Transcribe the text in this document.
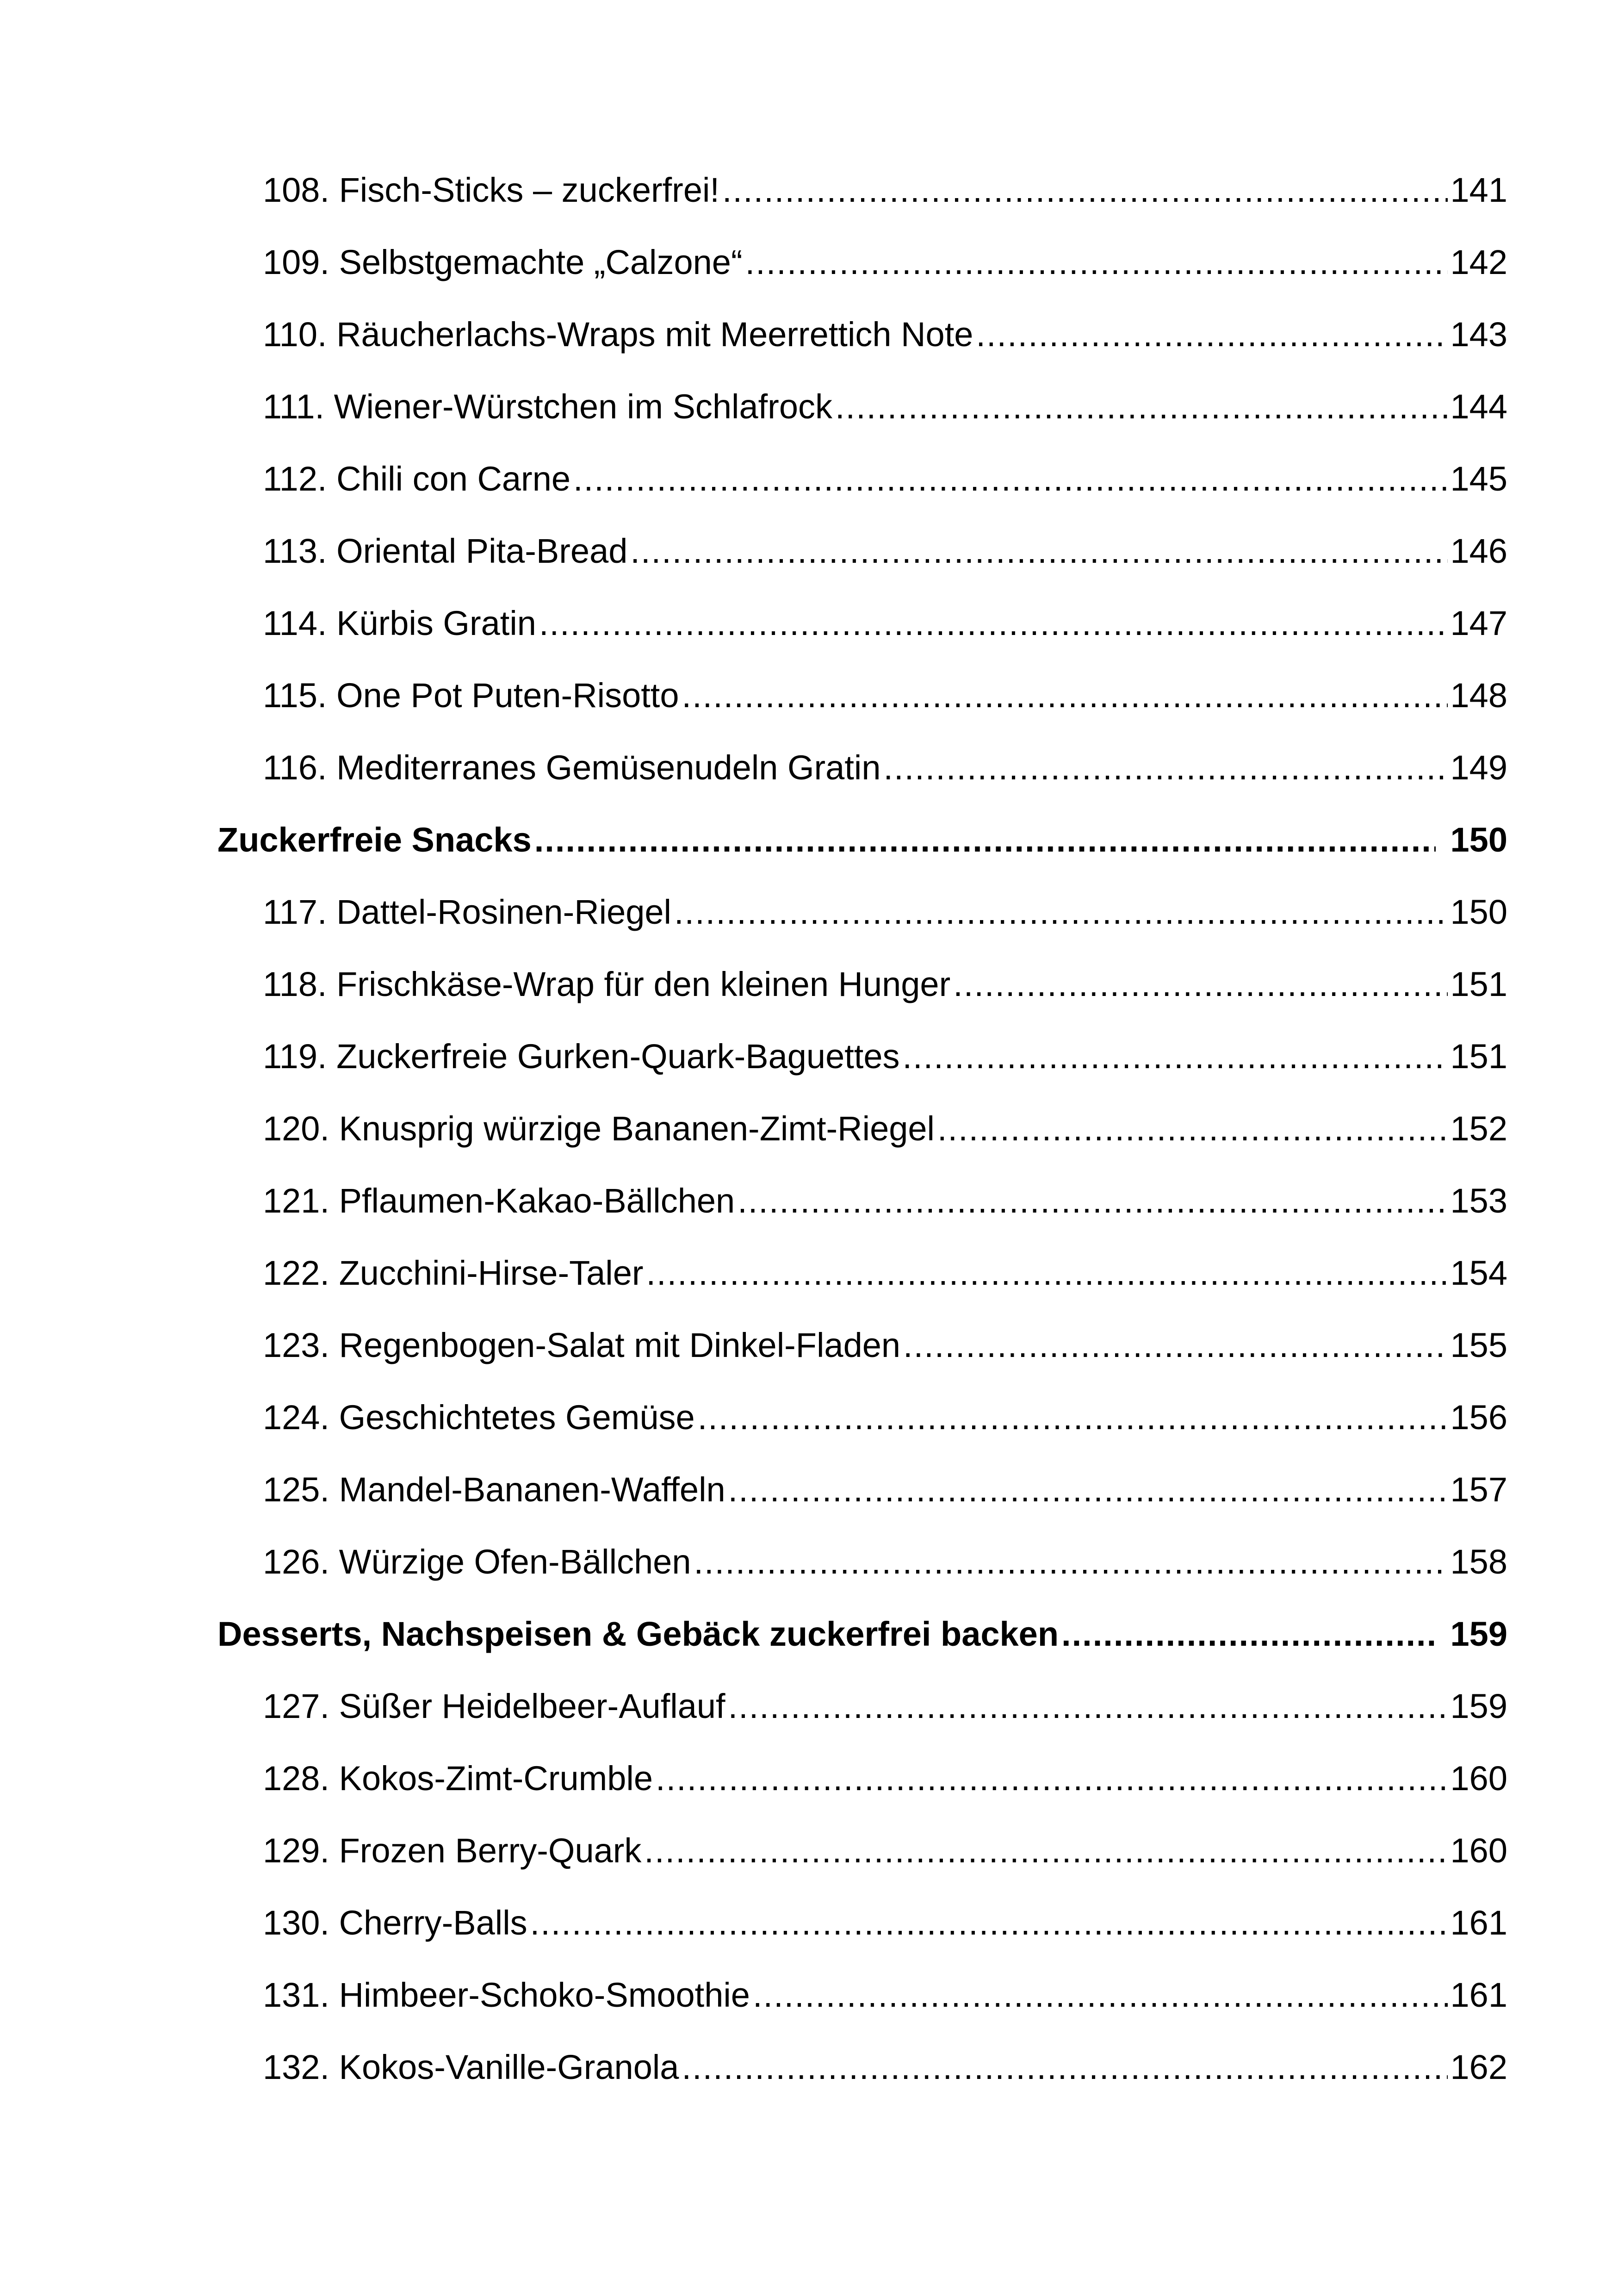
108. Fisch-Sticks – zuckerfrei! .....	141
109. Selbstgemachte „Calzone“ .....	142
110. Räucherlachs-Wraps mit Meerrettich Note .....	143
111. Wiener-Würstchen im Schlafrock .....	144
112. Chili con Carne .....	145
113. Oriental Pita-Bread .....	146
114. Kürbis Gratin .....	147
115. One Pot Puten-Risotto .....	148
116. Mediterranes Gemüsenudeln Gratin .....	149
Zuckerfreie Snacks .....	150
117. Dattel-Rosinen-Riegel .....	150
118. Frischkäse-Wrap für den kleinen Hunger .....	151
119. Zuckerfreie Gurken-Quark-Baguettes .....	151
120. Knusprig würzige Bananen-Zimt-Riegel .....	152
121. Pflaumen-Kakao-Bällchen .....	153
122. Zucchini-Hirse-Taler .....	154
123. Regenbogen-Salat mit Dinkel-Fladen .....	155
124. Geschichtetes Gemüse .....	156
125. Mandel-Bananen-Waffeln .....	157
126. Würzige Ofen-Bällchen .....	158
Desserts, Nachspeisen & Gebäck zuckerfrei backen .....	159
127. Süßer Heidelbeer-Auflauf .....	159
128. Kokos-Zimt-Crumble .....	160
129. Frozen Berry-Quark .....	160
130. Cherry-Balls .....	161
131. Himbeer-Schoko-Smoothie .....	161
132. Kokos-Vanille-Granola .....	162
